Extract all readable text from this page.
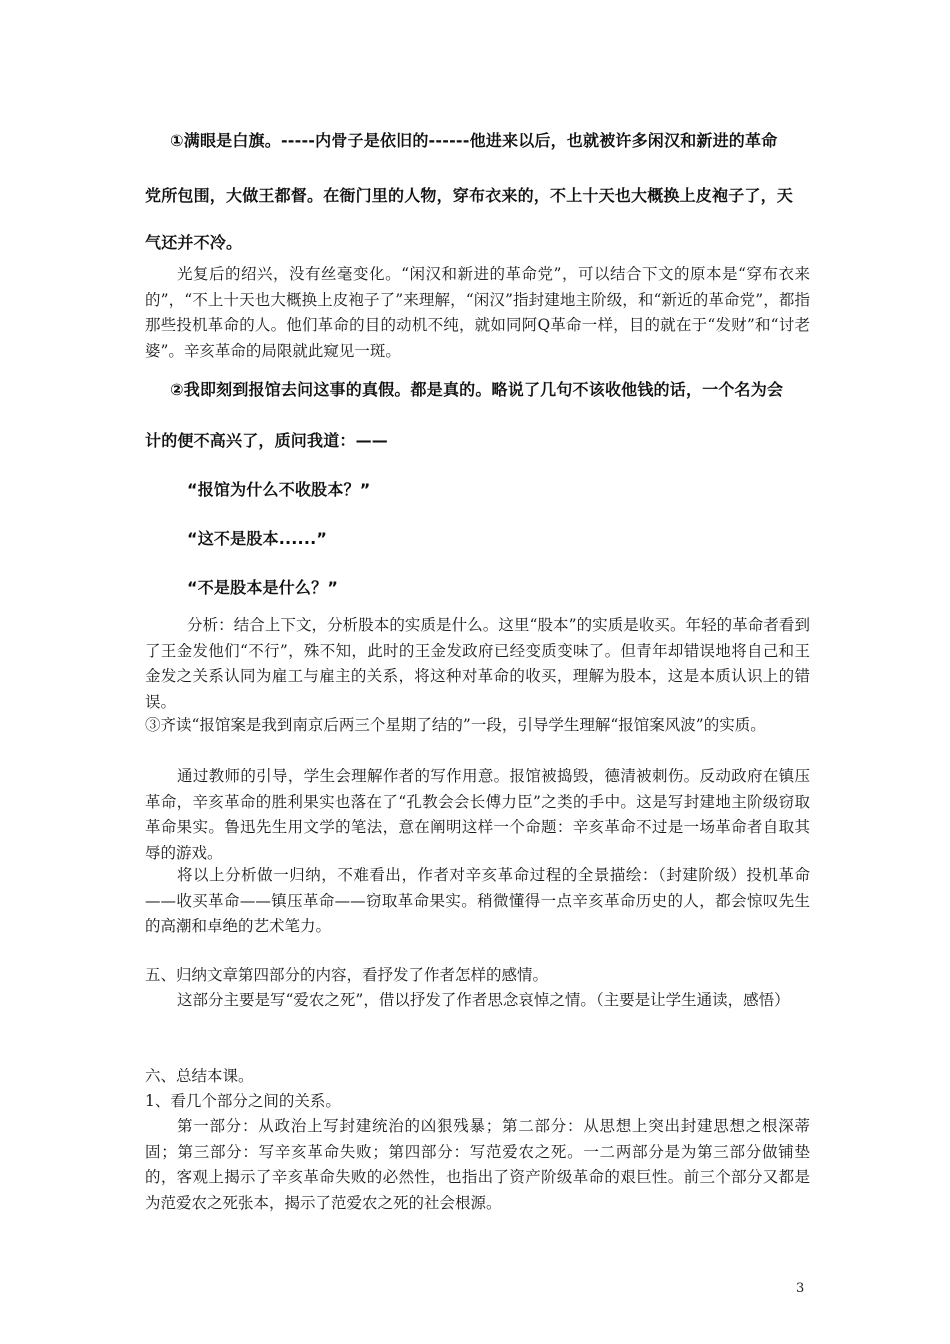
①满眼是白旗。-----内骨子是依旧的------他进来以后，也就被许多闲汉和新进的革命

党所包围，大做王都督。在衙门里的人物，穿布衣来的，不上十天也大概换上皮袍子了，天

气还并不冷。

光复后的绍兴，没有丝毫变化。“闲汉和新进的革命党”，可以结合下文的原本是“穿布衣来的”，“不上十天也大概换上皮袍子了”来理解，“闲汉”指封建地主阶级，和“新近的革命党”，都指那些投机革命的人。他们革命的目的动机不纯，就如同阿Q革命一样，目的就在于“发财”和“讨老婆”。辛亥革命的局限就此窥见一斑。

②我即刻到报馆去问这事的真假。都是真的。略说了几句不该收他钱的话，一个名为会

计的便不高兴了，质问我道：——

“报馆为什么不收股本？”

“这不是股本......”

“不是股本是什么？”

分析：结合上下文，分析股本的实质是什么。这里“股本”的实质是收买。年轻的革命者看到了王金发他们“不行”，殊不知，此时的王金发政府已经变质变味了。但青年却错误地将自己和王金发之关系认同为雇工与雇主的关系，将这种对革命的收买，理解为股本，这是本质认识上的错误。

③齐读“报馆案是我到南京后两三个星期了结的”一段，引导学生理解“报馆案风波”的实质。

通过教师的引导，学生会理解作者的写作用意。报馆被捣毁，德清被刺伤。反动政府在镇压革命，辛亥革命的胜利果实也落在了“孔教会会长傅力臣”之类的手中。这是写封建地主阶级窃取革命果实。鲁迅先生用文学的笔法，意在阐明这样一个命题：辛亥革命不过是一场革命者自取其辱的游戏。

将以上分析做一归纳，不难看出，作者对辛亥革命过程的全景描绘：（封建阶级）投机革命——收买革命——镇压革命——窃取革命果实。稍微懂得一点辛亥革命历史的人，都会惊叹先生的高潮和卓绝的艺术笔力。

五、归纳文章第四部分的内容，看抒发了作者怎样的感情。

这部分主要是写“爱农之死”，借以抒发了作者思念哀悼之情。（主要是让学生通读，感悟）

六、总结本课。

1、看几个部分之间的关系。

第一部分：从政治上写封建统治的凶狠残暴；第二部分：从思想上突出封建思想之根深蒂固；第三部分：写辛亥革命失败；第四部分：写范爱农之死。一二两部分是为第三部分做铺垫的，客观上揭示了辛亥革命失败的必然性，也指出了资产阶级革命的艰巨性。前三个部分又都是为范爱农之死张本，揭示了范爱农之死的社会根源。

3
